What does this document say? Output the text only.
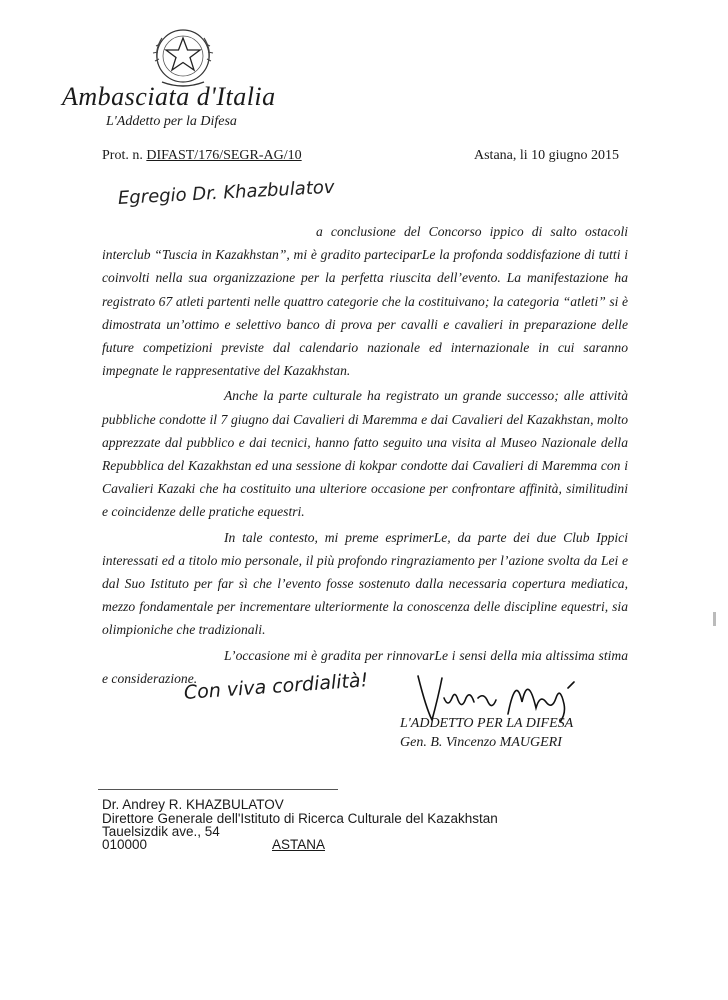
Ambasciata d'Italia
L'Addetto per la Difesa
Prot. n. DIFAST/176/SEGR-AG/10	Astana, li 10 giugno 2015
Egregio Dr. Khazbulatov

a conclusione del Concorso ippico di salto ostacoli interclub “Tuscia in Kazakhstan”, mi è gradito parteciparLe la profonda soddisfazione di tutti i coinvolti nella sua organizzazione per la perfetta riuscita dell’evento. La manifestazione ha registrato 67 atleti partenti nelle quattro categorie che la costituivano; la categoria “atleti” si è dimostrata un’ottimo e selettivo banco di prova per cavalli e cavalieri in preparazione delle future competizioni previste dal calendario nazionale ed internazionale in cui saranno impegnate le rappresentative del Kazakhstan.

Anche la parte culturale ha registrato un grande successo; alle attività pubbliche condotte il 7 giugno dai Cavalieri di Maremma e dai Cavalieri del Kazakhstan, molto apprezzate dal pubblico e dai tecnici, hanno fatto seguito una visita al Museo Nazionale della Repubblica del Kazakhstan ed una sessione di kokpar condotte dai Cavalieri di Maremma con i Cavalieri Kazaki che ha costituito una ulteriore occasione per confrontare affinità, similitudini e coincidenze delle pratiche equestri.

In tale contesto, mi preme esprimerLe, da parte dei due Club Ippici interessati ed a titolo mio personale, il più profondo ringraziamento per l’azione svolta da Lei e dal Suo Istituto per far sì che l’evento fosse sostenuto dalla necessaria copertura mediatica, mezzo fondamentale per incrementare ulteriormente la conoscenza delle discipline equestri, sia olimpioniche che tradizionali.

L’occasione mi è gradita per rinnovarLe i sensi della mia altissima stima e considerazione.

Con viva cordialità!
L'ADDETTO PER LA DIFESA
Gen. B. Vincenzo MAUGERI
Dr. Andrey R. KHAZBULATOV
Direttore Generale dell'Istituto di Ricerca Culturale del Kazakhstan
Tauelsizdik ave., 54
010000	ASTANA
